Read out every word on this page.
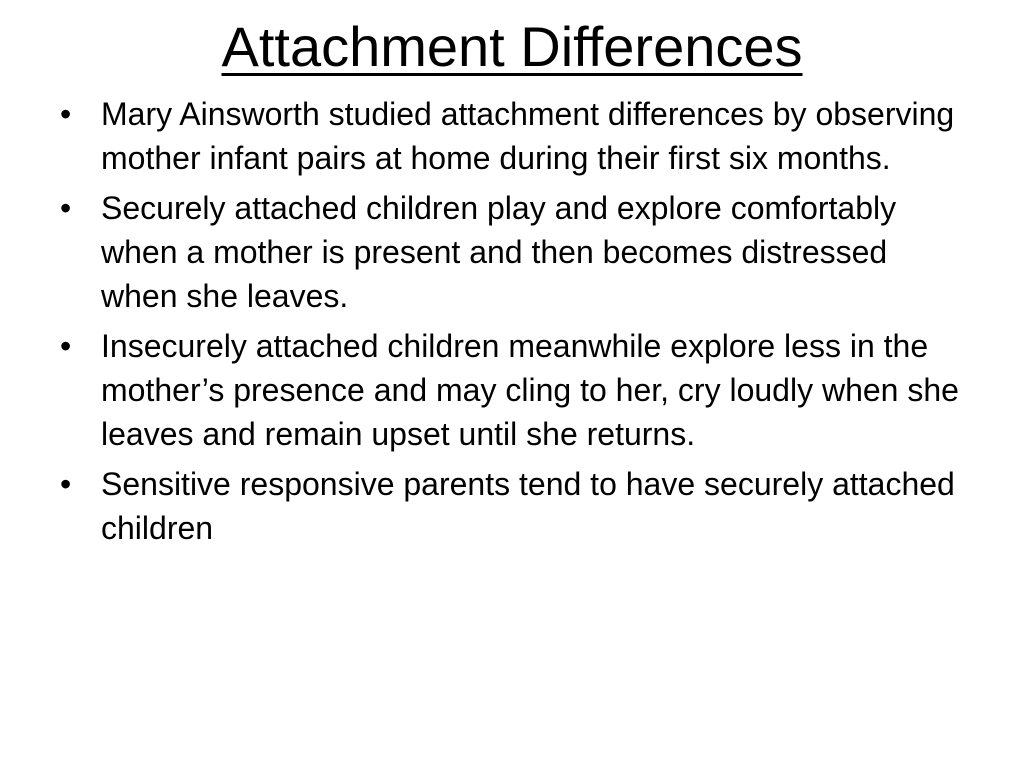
Attachment Differences
• Mary Ainsworth studied attachment differences by observing mother infant pairs at home during their first six months.
• Securely attached children play and explore comfortably when a mother is present and then becomes distressed when she leaves.
• Insecurely attached children meanwhile explore less in the mother’s presence and may cling to her, cry loudly when she leaves and remain upset until she returns.
• Sensitive responsive parents tend to have securely attached children
